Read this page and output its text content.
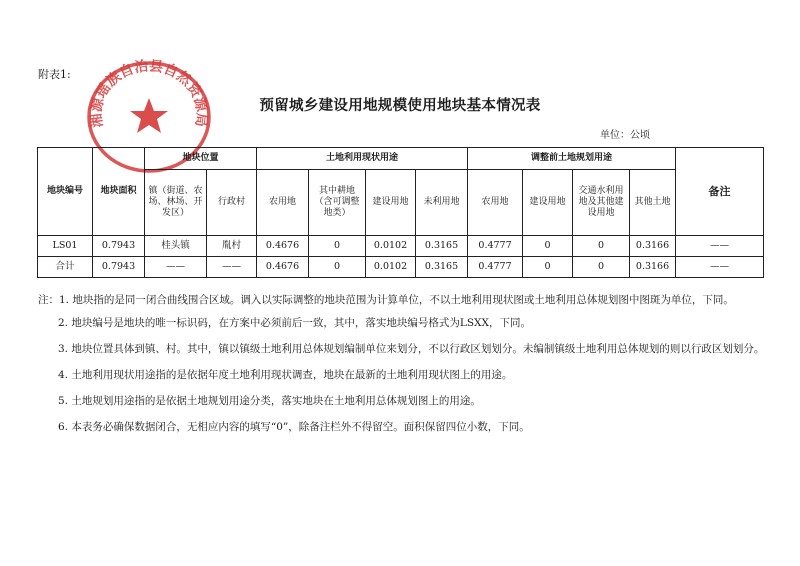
附表1:
预留城乡建设用地规模使用地块基本情况表
单位：公顷
湘源瑶族自治县自然资源局
地块编号	地块面积	地块位置		土地利用现状用途				调整前土地规划用途				备注
		镇（街道、农场、林场、开发区）	行政村	农用地	其中耕地（含可调整地类）	建设用地	未利用地	农用地	建设用地	交通水利用地及其他建设用地	其他土地	
LS01	0.7943	桂头镇	胤村	0.4676	0	0.0102	0.3165	0.4777	0	0	0.3166	——
合计	0.7943	——	——	0.4676	0	0.0102	0.3165	0.4777	0	0	0.3166	——

注：1. 地块指的是同一闭合曲线围合区域。调入以实际调整的地块范围为计算单位，不以土地利用现状图或土地利用总体规划图中图斑为单位，下同。

2. 地块编号是地块的唯一标识码，在方案中必须前后一致，其中，落实地块编号格式为LSXX，下同。

3. 地块位置具体到镇、村。其中，镇以镇级土地利用总体规划编制单位来划分，不以行政区划划分。未编制镇级土地利用总体规划的则以行政区划划分。

4. 土地利用现状用途指的是依据年度土地利用现状调查，地块在最新的土地利用现状图上的用途。

5. 土地规划用途指的是依据土地规划用途分类，落实地块在土地利用总体规划图上的用途。

6. 本表务必确保数据闭合，无相应内容的填写“0”，除备注栏外不得留空。面积保留四位小数，下同。
